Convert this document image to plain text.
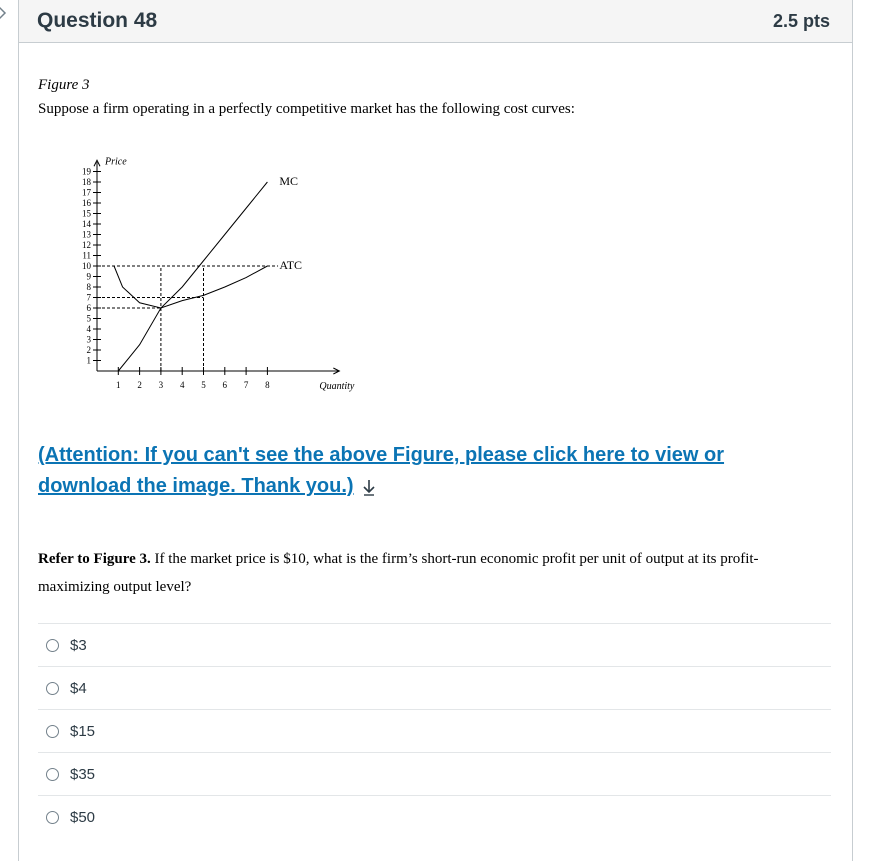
Question 48	2.5 pts
Figure 3
Suppose a firm operating in a perfectly competitive market has the following cost curves:
1
2
3
4
5
6
7
8
9
10
11
12
13
14
15
16
17
18
19
1 2 3 4 5 6 7 8
Price
Quantity
MC
ATC
(Attention: If you can't see the above Figure, please click here to view or download the image. Thank you.)
Refer to Figure 3. If the market price is $10, what is the firm’s short-run economic profit per unit of output at its profit-maximizing output level?
$3
$4
$15
$35
$50
